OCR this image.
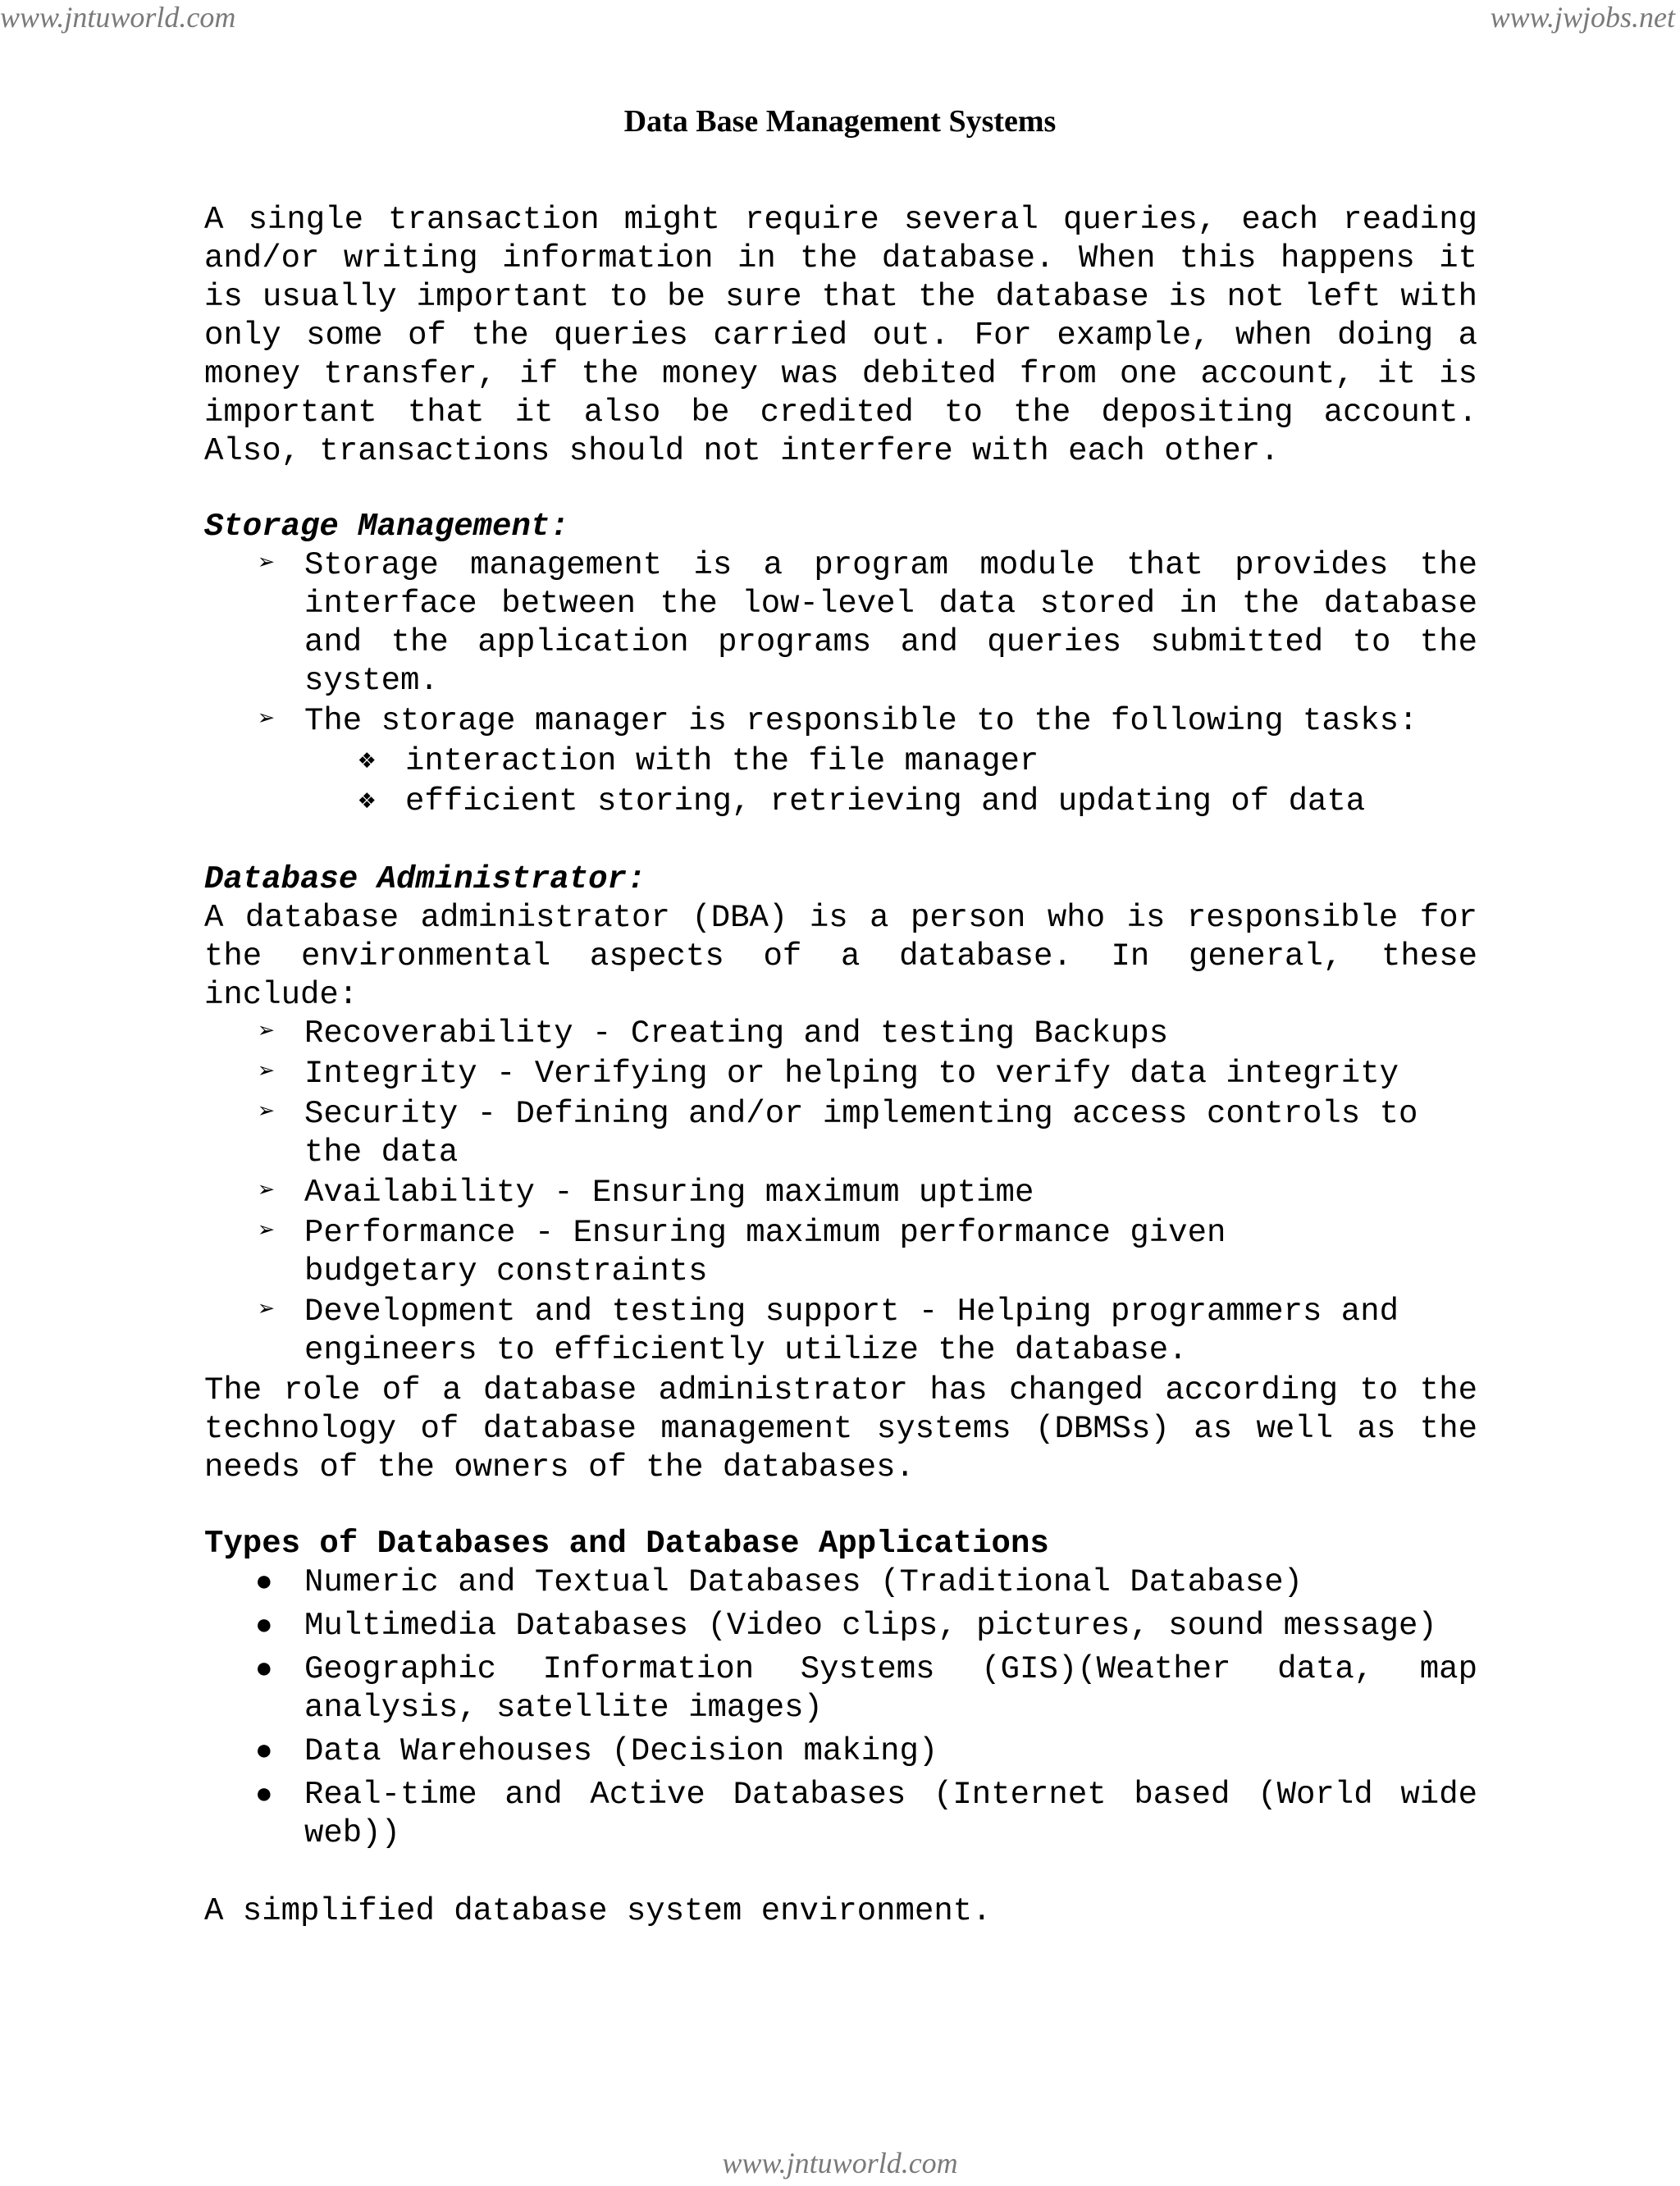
www.jntuworld.com	www.jwjobs.net
Data Base Management Systems

A single transaction might require several queries, each reading and/or writing information in the database. When this happens it is usually important to be sure that the database is not left with only some of the queries carried out. For example, when doing a money transfer, if the money was debited from one account, it is important that it also be credited to the depositing account. Also, transactions should not interfere with each other.

Storage Management:

➢ Storage management is a program module that provides the interface between the low-level data stored in the database and the application programs and queries submitted to the system.
➢ The storage manager is responsible to the following tasks:
❖ interaction with the file manager
❖ efficient storing, retrieving and updating of data

Database Administrator:

A database administrator (DBA) is a person who is responsible for the environmental aspects of a database. In general, these include:

➢ Recoverability - Creating and testing Backups
➢ Integrity - Verifying or helping to verify data integrity
➢ Security - Defining and/or implementing access controls to the data
➢ Availability - Ensuring maximum uptime
➢ Performance - Ensuring maximum performance given budgetary constraints
➢ Development and testing support - Helping programmers and engineers to efficiently utilize the database.

The role of a database administrator has changed according to the technology of database management systems (DBMSs) as well as the needs of the owners of the databases.

Types of Databases and Database Applications

● Numeric and Textual Databases (Traditional Database)
● Multimedia Databases (Video clips, pictures, sound message)
● Geographic Information Systems (GIS)(Weather data, map analysis, satellite images)
● Data Warehouses (Decision making)
● Real-time and Active Databases (Internet based (World wide web))

A simplified database system environment.

www.jntuworld.com
